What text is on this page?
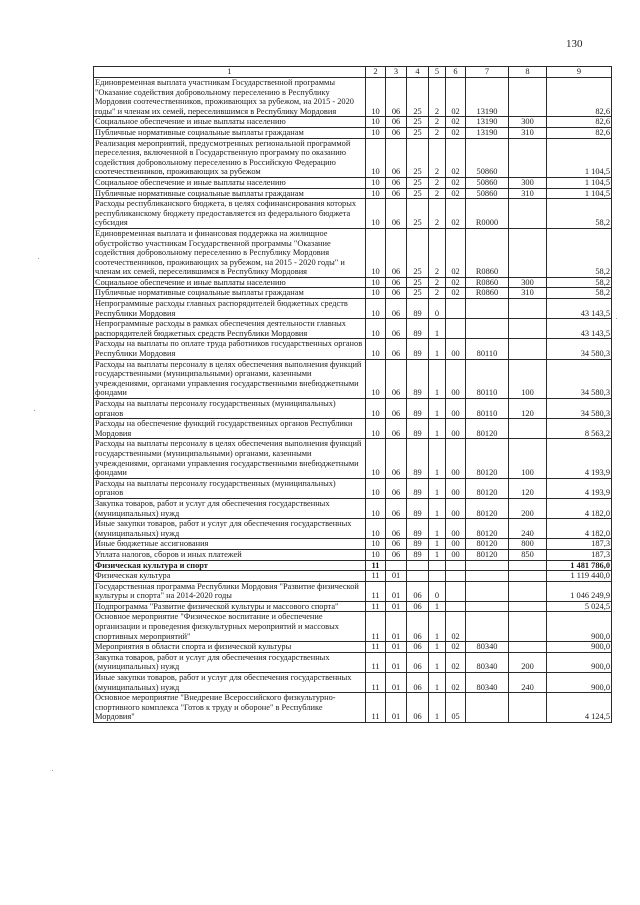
130
1	2	3	4	5	6	7	8	9
Единовременная выплата участникам Государственной программы "Оказание содействия добровольному переселению в Республику Мордовия соотечественников, проживающих за рубежом, на 2015 - 2020 годы" и членам их семей, переселившимся в Республику Мордовия	10	06	25	2	02	13190		82,6
Социальное обеспечение и иные выплаты населению	10	06	25	2	02	13190	300	82,6
Публичные нормативные социальные выплаты гражданам	10	06	25	2	02	13190	310	82,6
Реализация мероприятий, предусмотренных региональной программой переселения, включенной в Государственную программу по оказанию содействия добровольному переселению в Российскую Федерацию соотечественников, проживающих за рубежом	10	06	25	2	02	50860		1 104,5
Социальное обеспечение и иные выплаты населению	10	06	25	2	02	50860	300	1 104,5
Публичные нормативные социальные выплаты гражданам	10	06	25	2	02	50860	310	1 104,5
Расходы республиканского бюджета, в целях софинансирования которых республиканскому бюджету предоставляется из федерального бюджета субсидия	10	06	25	2	02	R0000		58,2
Единовременная выплата и финансовая поддержка на жилищное обустройство участникам Государственной программы "Оказание содействия добровольному переселению в Республику Мордовия соотечественников, проживающих за рубежом, на 2015 - 2020 годы" и членам их семей, переселившимся в Республику Мордовия	10	06	25	2	02	R0860		58,2
Социальное обеспечение и иные выплаты населению	10	06	25	2	02	R0860	300	58,2
Публичные нормативные социальные выплаты гражданам	10	06	25	2	02	R0860	310	58,2
Непрограммные расходы главных распорядителей бюджетных средств Республики Мордовия	10	06	89	0				43 143,5
Непрограммные расходы в рамках обеспечения деятельности главных распорядителей бюджетных средств Республики Мордовия	10	06	89	1				43 143,5
Расходы на выплаты по оплате труда работников государственных органов Республики Мордовия	10	06	89	1	00	80110		34 580,3
Расходы на выплаты персоналу в целях обеспечения выполнения функций государственными (муниципальными) органами, казенными учреждениями, органами управления государственными внебюджетными фондами	10	06	89	1	00	80110	100	34 580,3
Расходы на выплаты персоналу государственных (муниципальных) органов	10	06	89	1	00	80110	120	34 580,3
Расходы на обеспечение функций государственных органов Республики Мордовия	10	06	89	1	00	80120		8 563,2
Расходы на выплаты персоналу в целях обеспечения выполнения функций государственными (муниципальными) органами, казенными учреждениями, органами управления государственными внебюджетными фондами	10	06	89	1	00	80120	100	4 193,9
Расходы на выплаты персоналу государственных (муниципальных) органов	10	06	89	1	00	80120	120	4 193,9
Закупка товаров, работ и услуг для обеспечения государственных (муниципальных) нужд	10	06	89	1	00	80120	200	4 182,0
Иные закупки товаров, работ и услуг для обеспечения государственных (муниципальных) нужд	10	06	89	1	00	80120	240	4 182,0
Иные бюджетные ассигнования	10	06	89	1	00	80120	800	187,3
Уплата налогов, сборов и иных платежей	10	06	89	1	00	80120	850	187,3
Физическая культура и спорт	11							1 481 786,0
Физическая культура	11	01						1 119 440,0
Государственная программа Республики Мордовия "Развитие физической культуры и спорта" на 2014-2020 годы	11	01	06	0				1 046 249,9
Подпрограмма "Развитие физической культуры и массового спорта"	11	01	06	1				5 024,5
Основное мероприятие "Физическое воспитание и обеспечение организации и проведения физкультурных мероприятий и массовых спортивных мероприятий"	11	01	06	1	02			900,0
Мероприятия в области спорта и физической культуры	11	01	06	1	02	80340		900,0
Закупка товаров, работ и услуг для обеспечения государственных (муниципальных) нужд	11	01	06	1	02	80340	200	900,0
Иные закупки товаров, работ и услуг для обеспечения государственных (муниципальных) нужд	11	01	06	1	02	80340	240	900,0
Основное мероприятие "Внедрение Всероссийского физкультурно-спортивного комплекса "Готов к труду и обороне" в Республике Мордовия"	11	01	06	1	05			4 124,5
